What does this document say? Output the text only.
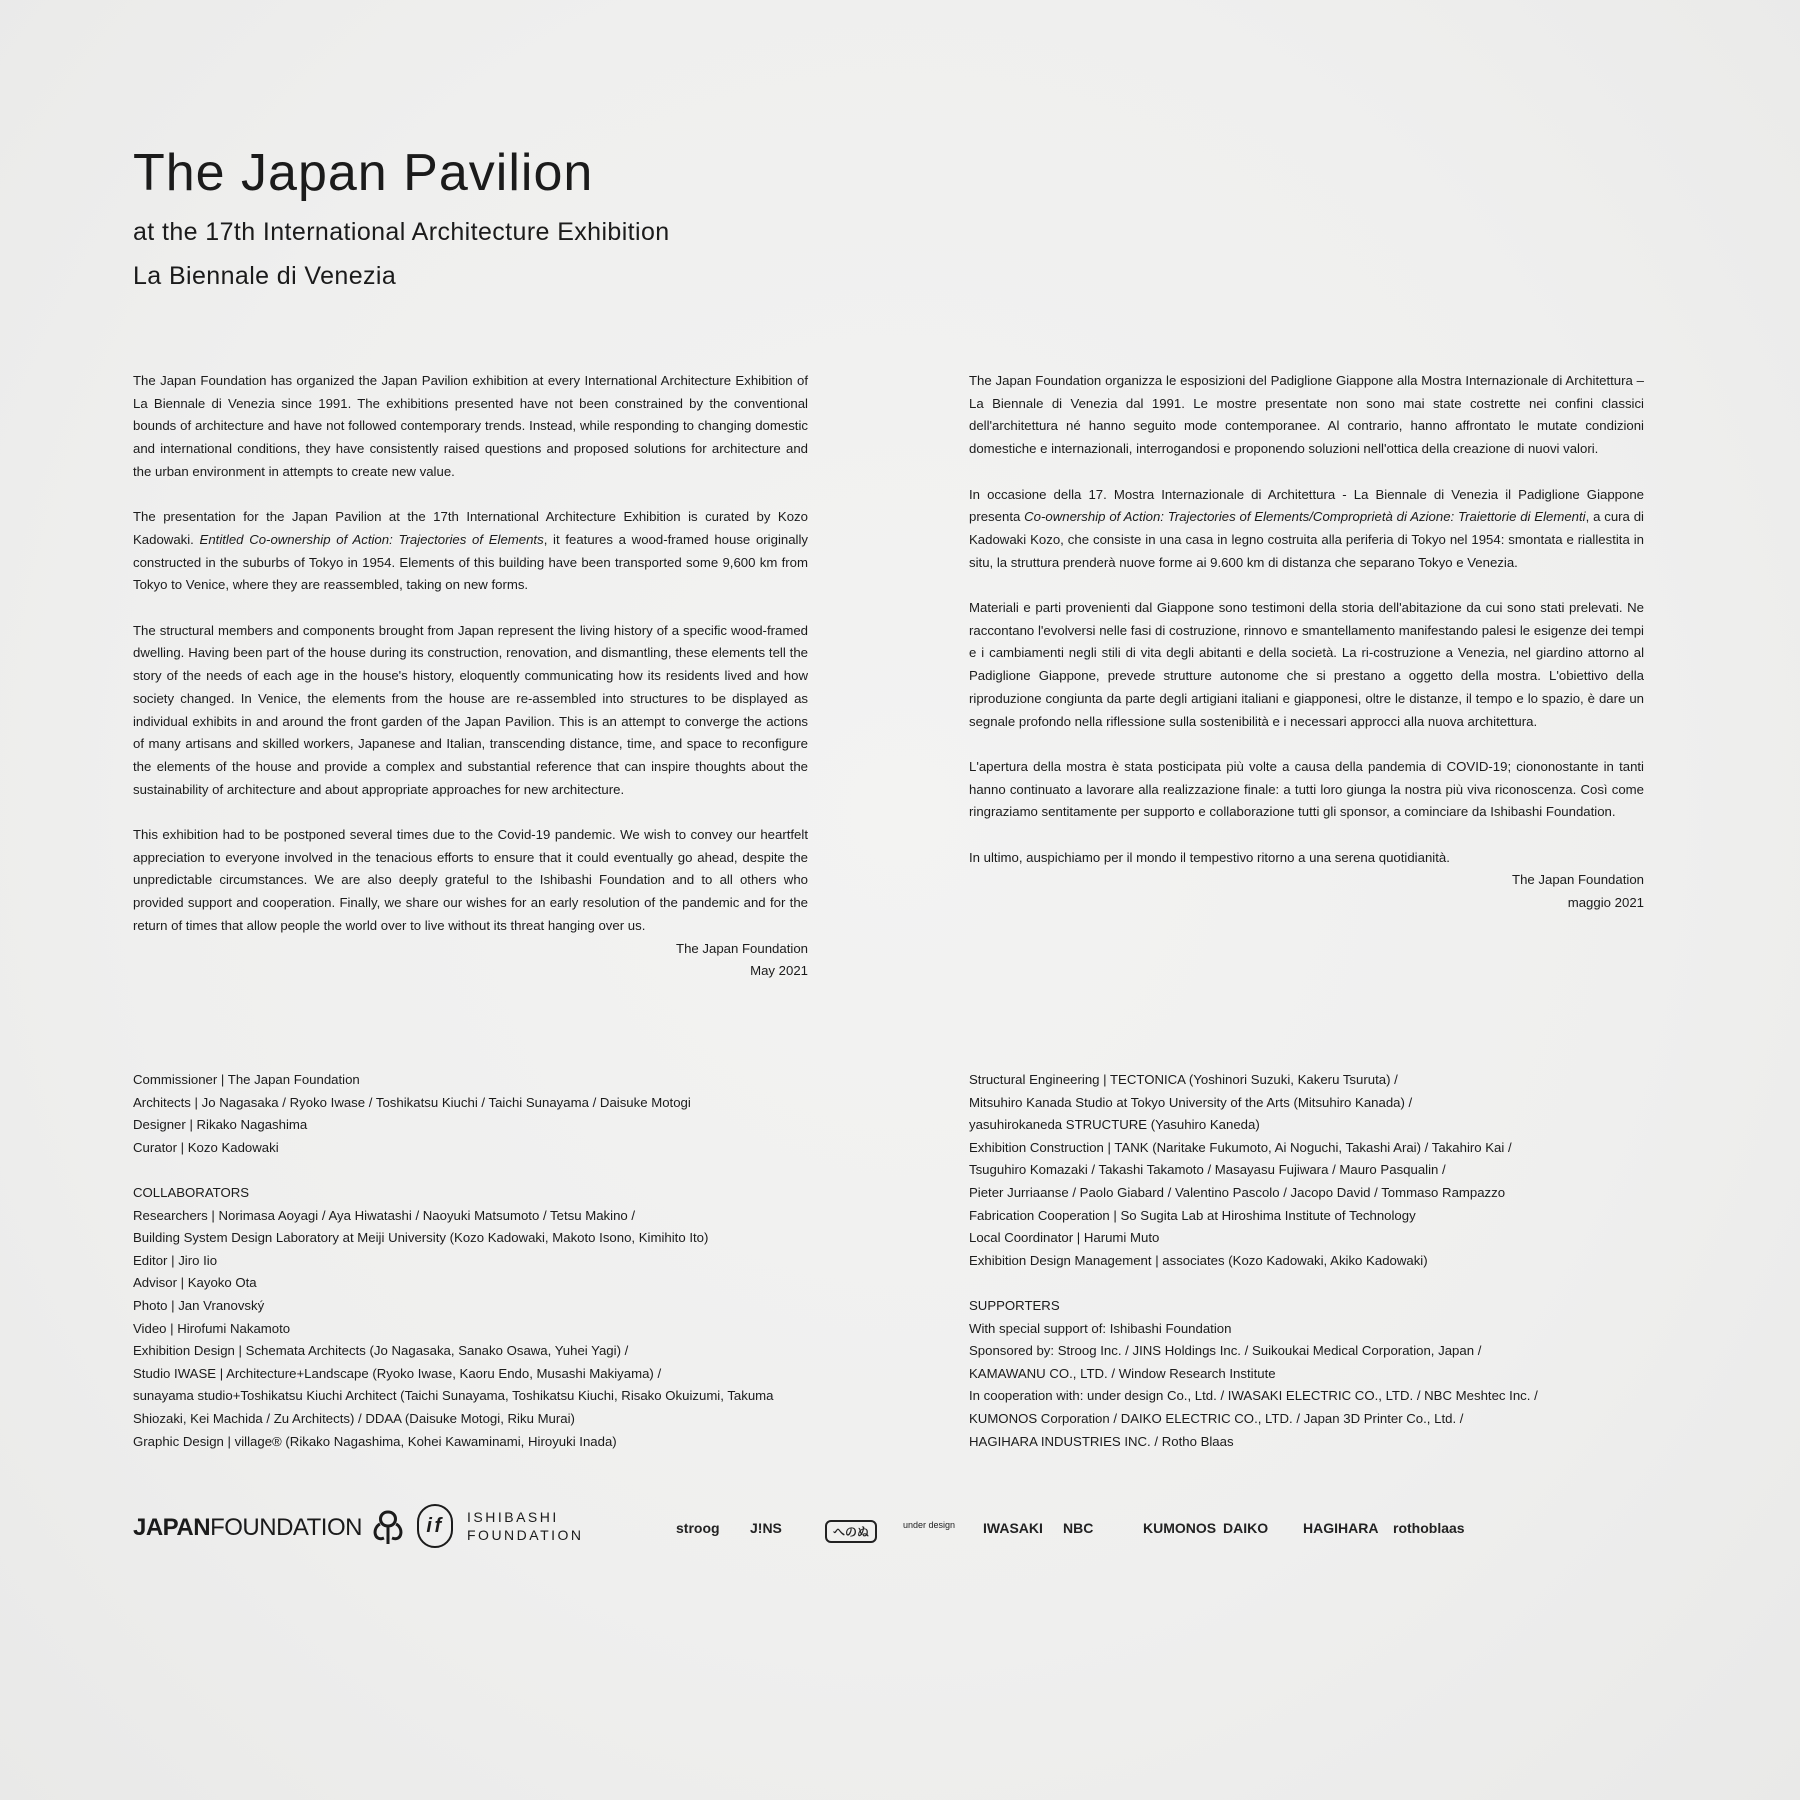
The Japan Pavilion
at the 17th International Architecture Exhibition
La Biennale di Venezia

The Japan Foundation has organized the Japan Pavilion exhibition at every International Architecture Exhibition of La Biennale di Venezia since 1991. The exhibitions presented have not been constrained by the conventional bounds of architecture and have not followed contemporary trends. Instead, while responding to changing domestic and international conditions, they have consistently raised questions and proposed solutions for architecture and the urban environment in attempts to create new value.

The presentation for the Japan Pavilion at the 17th International Architecture Exhibition is curated by Kozo Kadowaki. Entitled Co-ownership of Action: Trajectories of Elements, it features a wood-framed house originally constructed in the suburbs of Tokyo in 1954. Elements of this building have been transported some 9,600 km from Tokyo to Venice, where they are reassembled, taking on new forms.

The structural members and components brought from Japan represent the living history of a specific wood-framed dwelling. Having been part of the house during its construction, renovation, and dismantling, these elements tell the story of the needs of each age in the house's history, eloquently communicating how its residents lived and how society changed. In Venice, the elements from the house are re-assembled into structures to be displayed as individual exhibits in and around the front garden of the Japan Pavilion. This is an attempt to converge the actions of many artisans and skilled workers, Japanese and Italian, transcending distance, time, and space to reconfigure the elements of the house and provide a complex and substantial reference that can inspire thoughts about the sustainability of architecture and about appropriate approaches for new architecture.

This exhibition had to be postponed several times due to the Covid-19 pandemic. We wish to convey our heartfelt appreciation to everyone involved in the tenacious efforts to ensure that it could eventually go ahead, despite the unpredictable circumstances. We are also deeply grateful to the Ishibashi Foundation and to all others who provided support and cooperation. Finally, we share our wishes for an early resolution of the pandemic and for the return of times that allow people the world over to live without its threat hanging over us.

The Japan Foundation
May 2021

The Japan Foundation organizza le esposizioni del Padiglione Giappone alla Mostra Internazionale di Architettura – La Biennale di Venezia dal 1991. Le mostre presentate non sono mai state costrette nei confini classici dell'architettura né hanno seguito mode contemporanee. Al contrario, hanno affrontato le mutate condizioni domestiche e internazionali, interrogandosi e proponendo soluzioni nell'ottica della creazione di nuovi valori.

In occasione della 17. Mostra Internazionale di Architettura - La Biennale di Venezia il Padiglione Giappone presenta Co-ownership of Action: Trajectories of Elements/Comproprietà di Azione: Traiettorie di Elementi, a cura di Kadowaki Kozo, che consiste in una casa in legno costruita alla periferia di Tokyo nel 1954: smontata e riallestita in situ, la struttura prenderà nuove forme ai 9.600 km di distanza che separano Tokyo e Venezia.

Materiali e parti provenienti dal Giappone sono testimoni della storia dell'abitazione da cui sono stati prelevati. Ne raccontano l'evolversi nelle fasi di costruzione, rinnovo e smantellamento manifestando palesi le esigenze dei tempi e i cambiamenti negli stili di vita degli abitanti e della società. La ri-costruzione a Venezia, nel giardino attorno al Padiglione Giappone, prevede strutture autonome che si prestano a oggetto della mostra. L'obiettivo della riproduzione congiunta da parte degli artigiani italiani e giapponesi, oltre le distanze, il tempo e lo spazio, è dare un segnale profondo nella riflessione sulla sostenibilità e i necessari approcci alla nuova architettura.

L'apertura della mostra è stata posticipata più volte a causa della pandemia di COVID-19; ciononostante in tanti hanno continuato a lavorare alla realizzazione finale: a tutti loro giunga la nostra più viva riconoscenza. Così come ringraziamo sentitamente per supporto e collaborazione tutti gli sponsor, a cominciare da Ishibashi Foundation.

In ultimo, auspichiamo per il mondo il tempestivo ritorno a una serena quotidianità.

The Japan Foundation
maggio 2021
Commissioner | The Japan Foundation
Architects | Jo Nagasaka / Ryoko Iwase / Toshikatsu Kiuchi / Taichi Sunayama / Daisuke Motogi
Designer | Rikako Nagashima
Curator | Kozo Kadowaki
COLLABORATORS
Researchers | Norimasa Aoyagi / Aya Hiwatashi / Naoyuki Matsumoto / Tetsu Makino /
Building System Design Laboratory at Meiji University (Kozo Kadowaki, Makoto Isono, Kimihito Ito)
Editor | Jiro Iio
Advisor | Kayoko Ota
Photo | Jan Vranovský
Video | Hirofumi Nakamoto
Exhibition Design | Schemata Architects (Jo Nagasaka, Sanako Osawa, Yuhei Yagi) /
Studio IWASE | Architecture+Landscape (Ryoko Iwase, Kaoru Endo, Musashi Makiyama) /
sunayama studio+Toshikatsu Kiuchi Architect (Taichi Sunayama, Toshikatsu Kiuchi, Risako Okuizumi, Takuma
Shiozaki, Kei Machida / Zu Architects) / DDAA (Daisuke Motogi, Riku Murai)
Graphic Design | village® (Rikako Nagashima, Kohei Kawaminami, Hiroyuki Inada)
Structural Engineering | TECTONICA (Yoshinori Suzuki, Kakeru Tsuruta) /
Mitsuhiro Kanada Studio at Tokyo University of the Arts (Mitsuhiro Kanada) /
yasuhirokaneda STRUCTURE (Yasuhiro Kaneda)
Exhibition Construction | TANK (Naritake Fukumoto, Ai Noguchi, Takashi Arai) / Takahiro Kai /
Tsuguhiro Komazaki / Takashi Takamoto / Masayasu Fujiwara / Mauro Pasqualin /
Pieter Jurriaanse / Paolo Giabard / Valentino Pascolo / Jacopo David / Tommaso Rampazzo
Fabrication Cooperation | So Sugita Lab at Hiroshima Institute of Technology
Local Coordinator | Harumi Muto
Exhibition Design Management | associates (Kozo Kadowaki, Akiko Kadowaki)
SUPPORTERS
With special support of: Ishibashi Foundation
Sponsored by: Stroog Inc. / JINS Holdings Inc. / Suikoukai Medical Corporation, Japan /
KAMAWANU CO., LTD. / Window Research Institute
In cooperation with: under design Co., Ltd. / IWASAKI ELECTRIC CO., LTD. / NBC Meshtec Inc. /
KUMONOS Corporation / DAIKO ELECTRIC CO., LTD. / Japan 3D Printer Co., Ltd. /
HAGIHARA INDUSTRIES INC. / Rotho Blaas
JAPAN FOUNDATION	if	ISHIBASHI
FOUNDATION	stroog J!NS	へのぬ	under design IWASAKI NBC	KUMONOS DAIKO HAGIHARA rothoblaas
